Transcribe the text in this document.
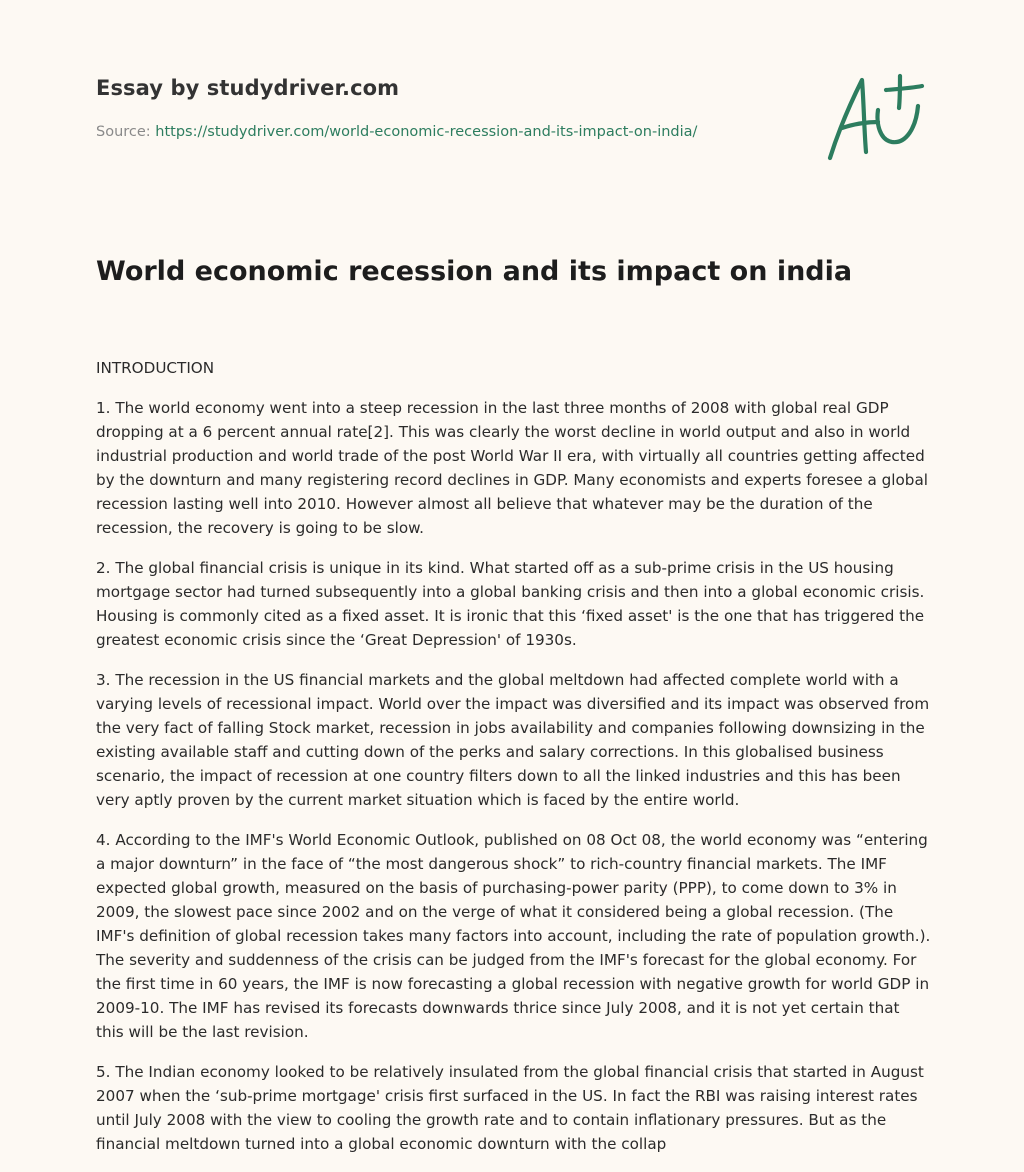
Essay by studydriver.com
Source: https://studydriver.com/world-economic-recession-and-its-impact-on-india/
World economic recession and its impact on india

INTRODUCTION

1. The world economy went into a steep recession in the last three months of 2008 with global real GDP dropping at a 6 percent annual rate[2]. This was clearly the worst decline in world output and also in world industrial production and world trade of the post World War II era, with virtually all countries getting affected by the downturn and many registering record declines in GDP. Many economists and experts foresee a global recession lasting well into 2010. However almost all believe that whatever may be the duration of the recession, the recovery is going to be slow.

2. The global financial crisis is unique in its kind. What started off as a sub-prime crisis in the US housing mortgage sector had turned subsequently into a global banking crisis and then into a global economic crisis. Housing is commonly cited as a fixed asset. It is ironic that this ‘fixed asset' is the one that has triggered the greatest economic crisis since the ‘Great Depression' of 1930s.

3. The recession in the US financial markets and the global meltdown had affected complete world with a varying levels of recessional impact. World over the impact was diversified and its impact was observed from the very fact of falling Stock market, recession in jobs availability and companies following downsizing in the existing available staff and cutting down of the perks and salary corrections. In this globalised business scenario, the impact of recession at one country filters down to all the linked industries and this has been very aptly proven by the current market situation which is faced by the entire world.

4. According to the IMF's World Economic Outlook, published on 08 Oct 08, the world economy was “entering a major downturn” in the face of “the most dangerous shock” to rich-country financial markets. The IMF expected global growth, measured on the basis of purchasing-power parity (PPP), to come down to 3% in 2009, the slowest pace since 2002 and on the verge of what it considered being a global recession. (The IMF's definition of global recession takes many factors into account, including the rate of population growth.). The severity and suddenness of the crisis can be judged from the IMF's forecast for the global economy. For the first time in 60 years, the IMF is now forecasting a global recession with negative growth for world GDP in 2009-10. The IMF has revised its forecasts downwards thrice since July 2008, and it is not yet certain that this will be the last revision.

5. The Indian economy looked to be relatively insulated from the global financial crisis that started in August 2007 when the ‘sub-prime mortgage' crisis first surfaced in the US. In fact the RBI was raising interest rates until July 2008 with the view to cooling the growth rate and to contain inflationary pressures. But as the financial meltdown turned into a global economic downturn with the collap
